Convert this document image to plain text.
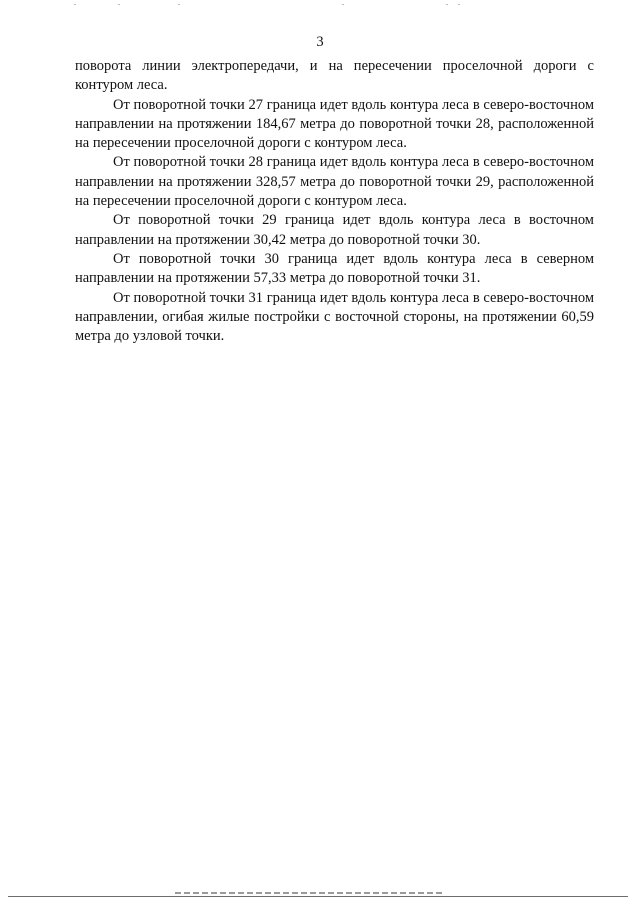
3

поворота линии электропередачи, и на пересечении проселочной дороги с контуром леса.

От поворотной точки 27 граница идет вдоль контура леса в северо-восточном направлении на протяжении 184,67 метра до поворотной точки 28, расположенной на пересечении проселочной дороги с контуром леса.

От поворотной точки 28 граница идет вдоль контура леса в северо-восточном направлении на протяжении 328,57 метра до поворотной точки 29, расположенной на пересечении проселочной дороги с контуром леса.

От поворотной точки 29 граница идет вдоль контура леса в восточном направлении на протяжении 30,42 метра до поворотной точки 30.

От поворотной точки 30 граница идет вдоль контура леса в северном направлении на протяжении 57,33 метра до поворотной точки 31.

От поворотной точки 31 граница идет вдоль контура леса в северо-восточном направлении, огибая жилые постройки с восточной стороны, на протяжении 60,59 метра до узловой точки.
